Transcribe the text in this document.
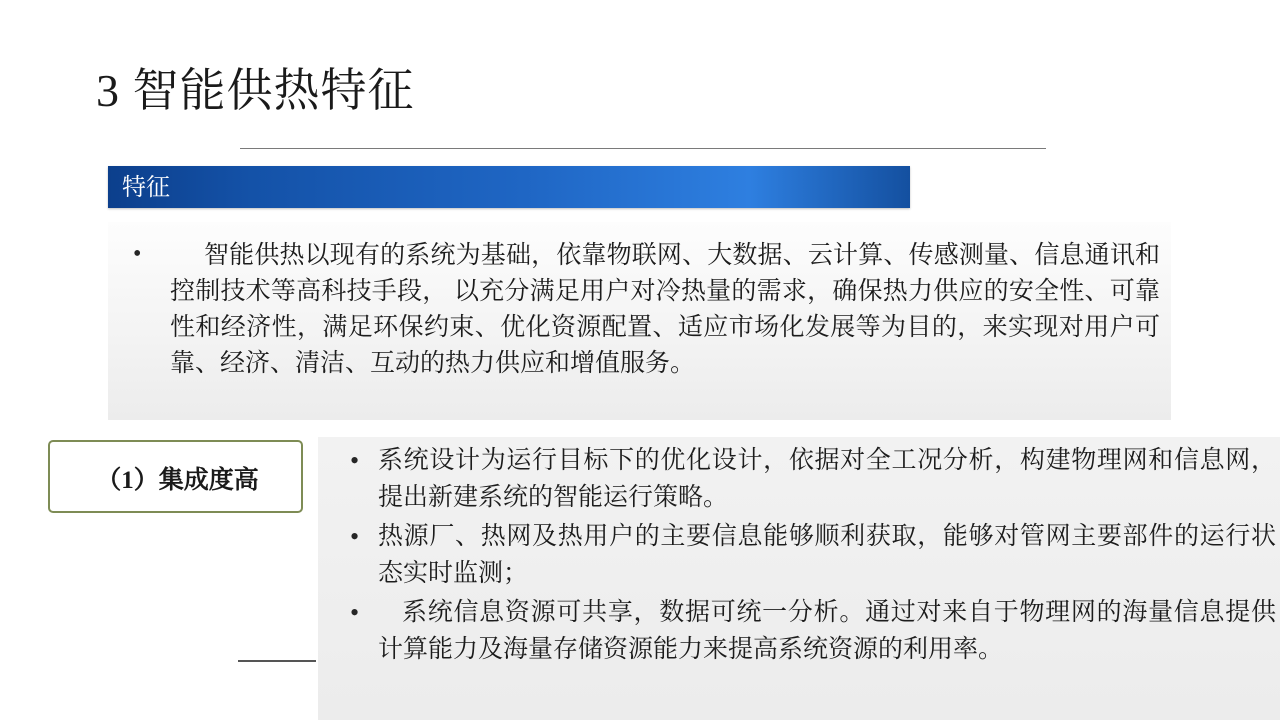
3 智能供热特征
特征
•	智能供热以现有的系统为基础，依靠物联网、大数据、云计算、传感测量、信息通讯和控制技术等高科技手段， 以充分满足用户对冷热量的需求，确保热力供应的安全性、可靠性和经济性，满足环保约束、优化资源配置、适应市场化发展等为目的，来实现对用户可靠、经济、清洁、互动的热力供应和增值服务。
（1）集成度高
• 系统设计为运行目标下的优化设计，依据对全工况分析，构建物理网和信息网，提出新建系统的智能运行策略。
• 热源厂、热网及热用户的主要信息能够顺利获取，能够对管网主要部件的运行状态实时监测；
•	系统信息资源可共享，数据可统一分析。通过对来自于物理网的海量信息提供计算能力及海量存储资源能力来提高系统资源的利用率。
